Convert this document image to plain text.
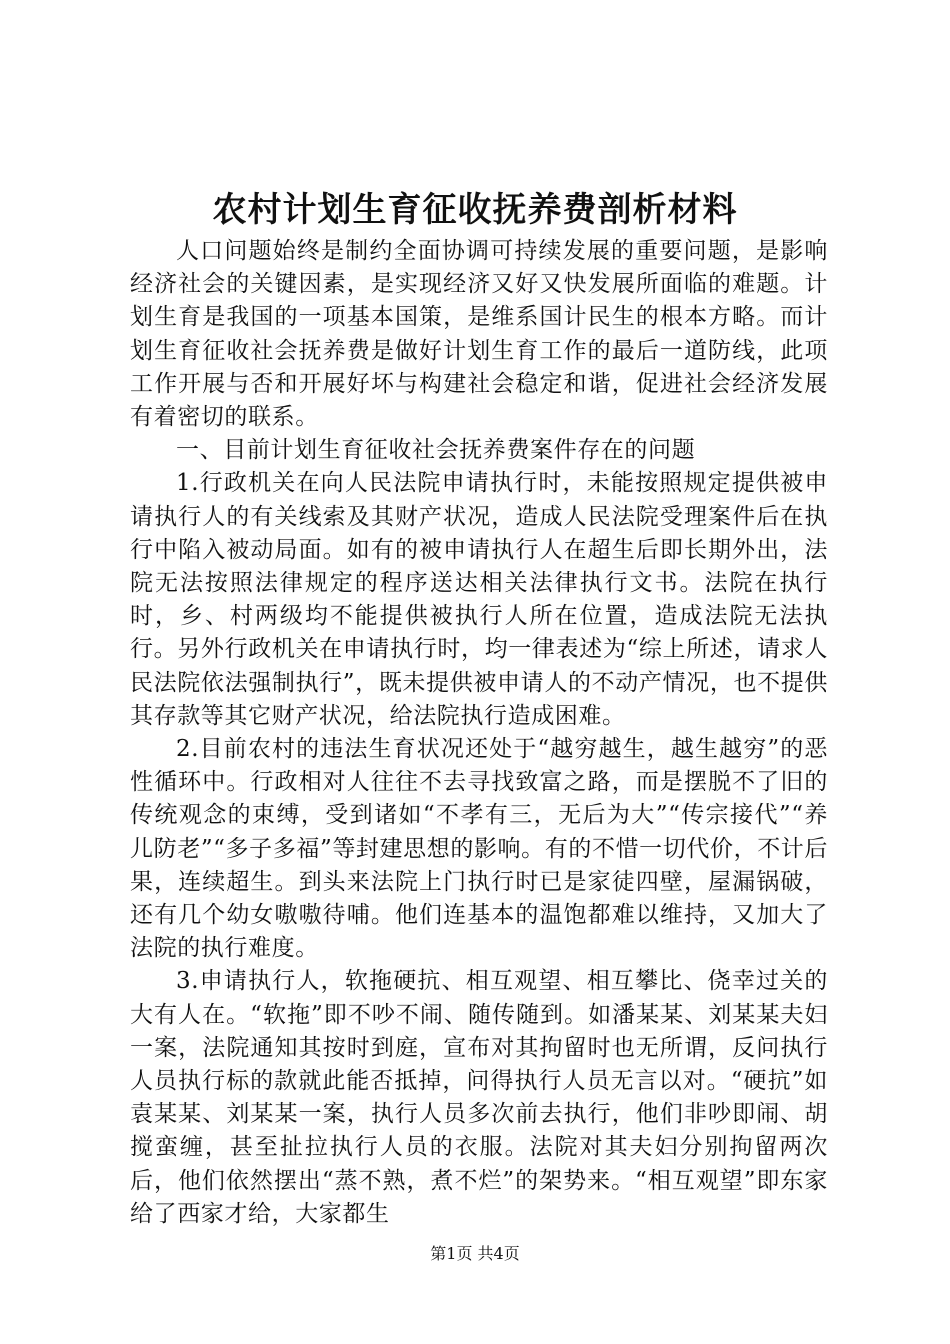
农村计划生育征收抚养费剖析材料

人口问题始终是制约全面协调可持续发展的重要问题，是影响经济社会的关键因素，是实现经济又好又快发展所面临的难题。计划生育是我国的一项基本国策，是维系国计民生的根本方略。而计划生育征收社会抚养费是做好计划生育工作的最后一道防线，此项工作开展与否和开展好坏与构建社会稳定和谐，促进社会经济发展有着密切的联系。

一、目前计划生育征收社会抚养费案件存在的问题

1.行政机关在向人民法院申请执行时，未能按照规定提供被申请执行人的有关线索及其财产状况，造成人民法院受理案件后在执行中陷入被动局面。如有的被申请执行人在超生后即长期外出，法院无法按照法律规定的程序送达相关法律执行文书。法院在执行时，乡、村两级均不能提供被执行人所在位置，造成法院无法执行。另外行政机关在申请执行时，均一律表述为“综上所述，请求人民法院依法强制执行”，既未提供被申请人的不动产情况，也不提供其存款等其它财产状况，给法院执行造成困难。

2.目前农村的违法生育状况还处于“越穷越生，越生越穷”的恶性循环中。行政相对人往往不去寻找致富之路，而是摆脱不了旧的传统观念的束缚，受到诸如“不孝有三，无后为大”“传宗接代”“养儿防老”“多子多福”等封建思想的影响。有的不惜一切代价，不计后果，连续超生。到头来法院上门执行时已是家徒四壁，屋漏锅破，还有几个幼女嗷嗷待哺。他们连基本的温饱都难以维持，又加大了法院的执行难度。

3.申请执行人，软拖硬抗、相互观望、相互攀比、侥幸过关的大有人在。“软拖”即不吵不闹、随传随到。如潘某某、刘某某夫妇一案，法院通知其按时到庭，宣布对其拘留时也无所谓，反问执行人员执行标的款就此能否抵掉，问得执行人员无言以对。“硬抗”如袁某某、刘某某一案，执行人员多次前去执行，他们非吵即闹、胡搅蛮缠，甚至扯拉执行人员的衣服。法院对其夫妇分别拘留两次后，他们依然摆出“蒸不熟，煮不烂”的架势来。“相互观望”即东家给了西家才给，大家都生

第1页 共4页
